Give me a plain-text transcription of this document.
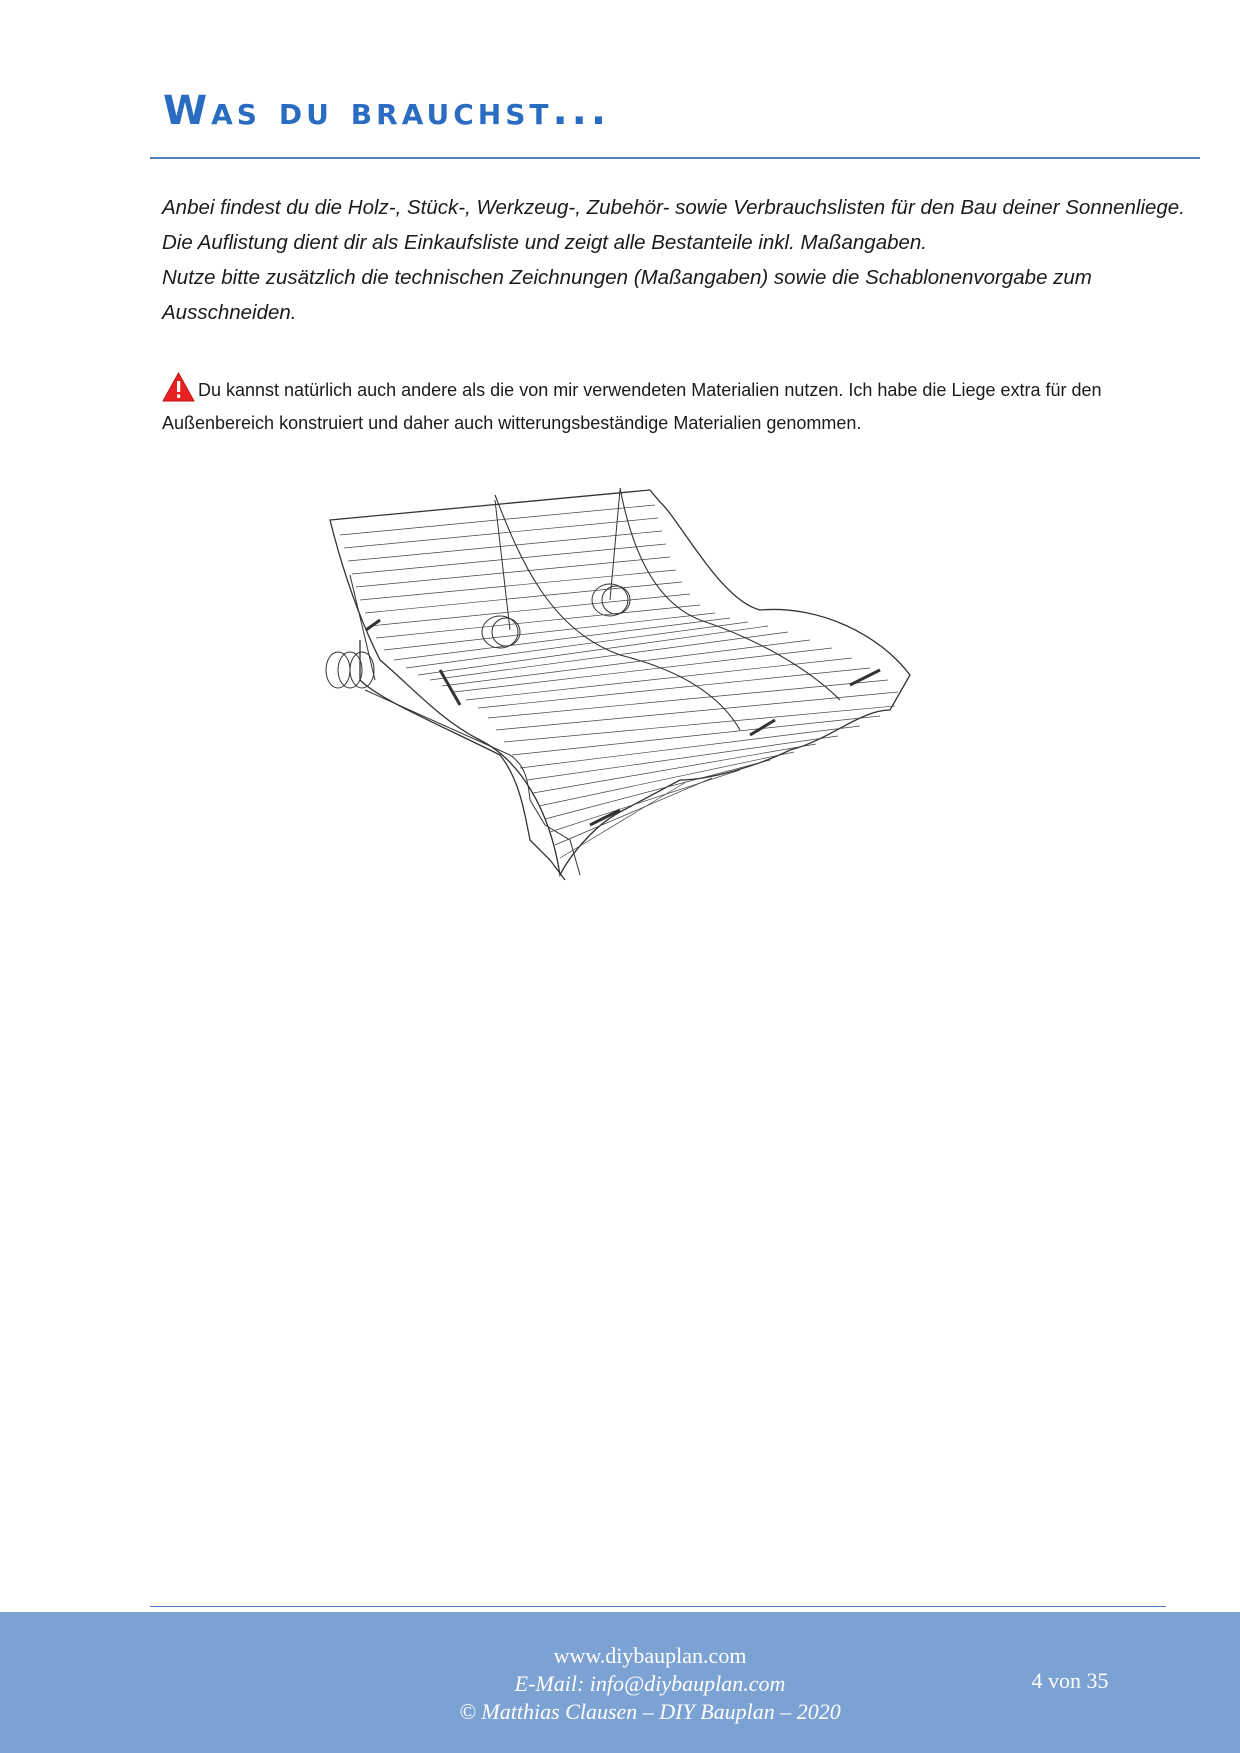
Was du brauchst...

Anbei findest du die Holz-, Stück-, Werkzeug-, Zubehör- sowie Verbrauchslisten für den Bau deiner Sonnenliege.

Die Auflistung dient dir als Einkaufsliste und zeigt alle Bestanteile inkl. Maßangaben.

Nutze bitte zusätzlich die technischen Zeichnungen (Maßangaben) sowie die Schablonenvorgabe zum Ausschneiden.

Du kannst natürlich auch andere als die von mir verwendeten Materialien nutzen. Ich habe die Liege extra für den Außenbereich konstruiert und daher auch witterungsbeständige Materialien genommen.
www.diybauplan.com
E-Mail: info@diybauplan.com
© Matthias Clausen – DIY Bauplan – 2020
4 von 35
